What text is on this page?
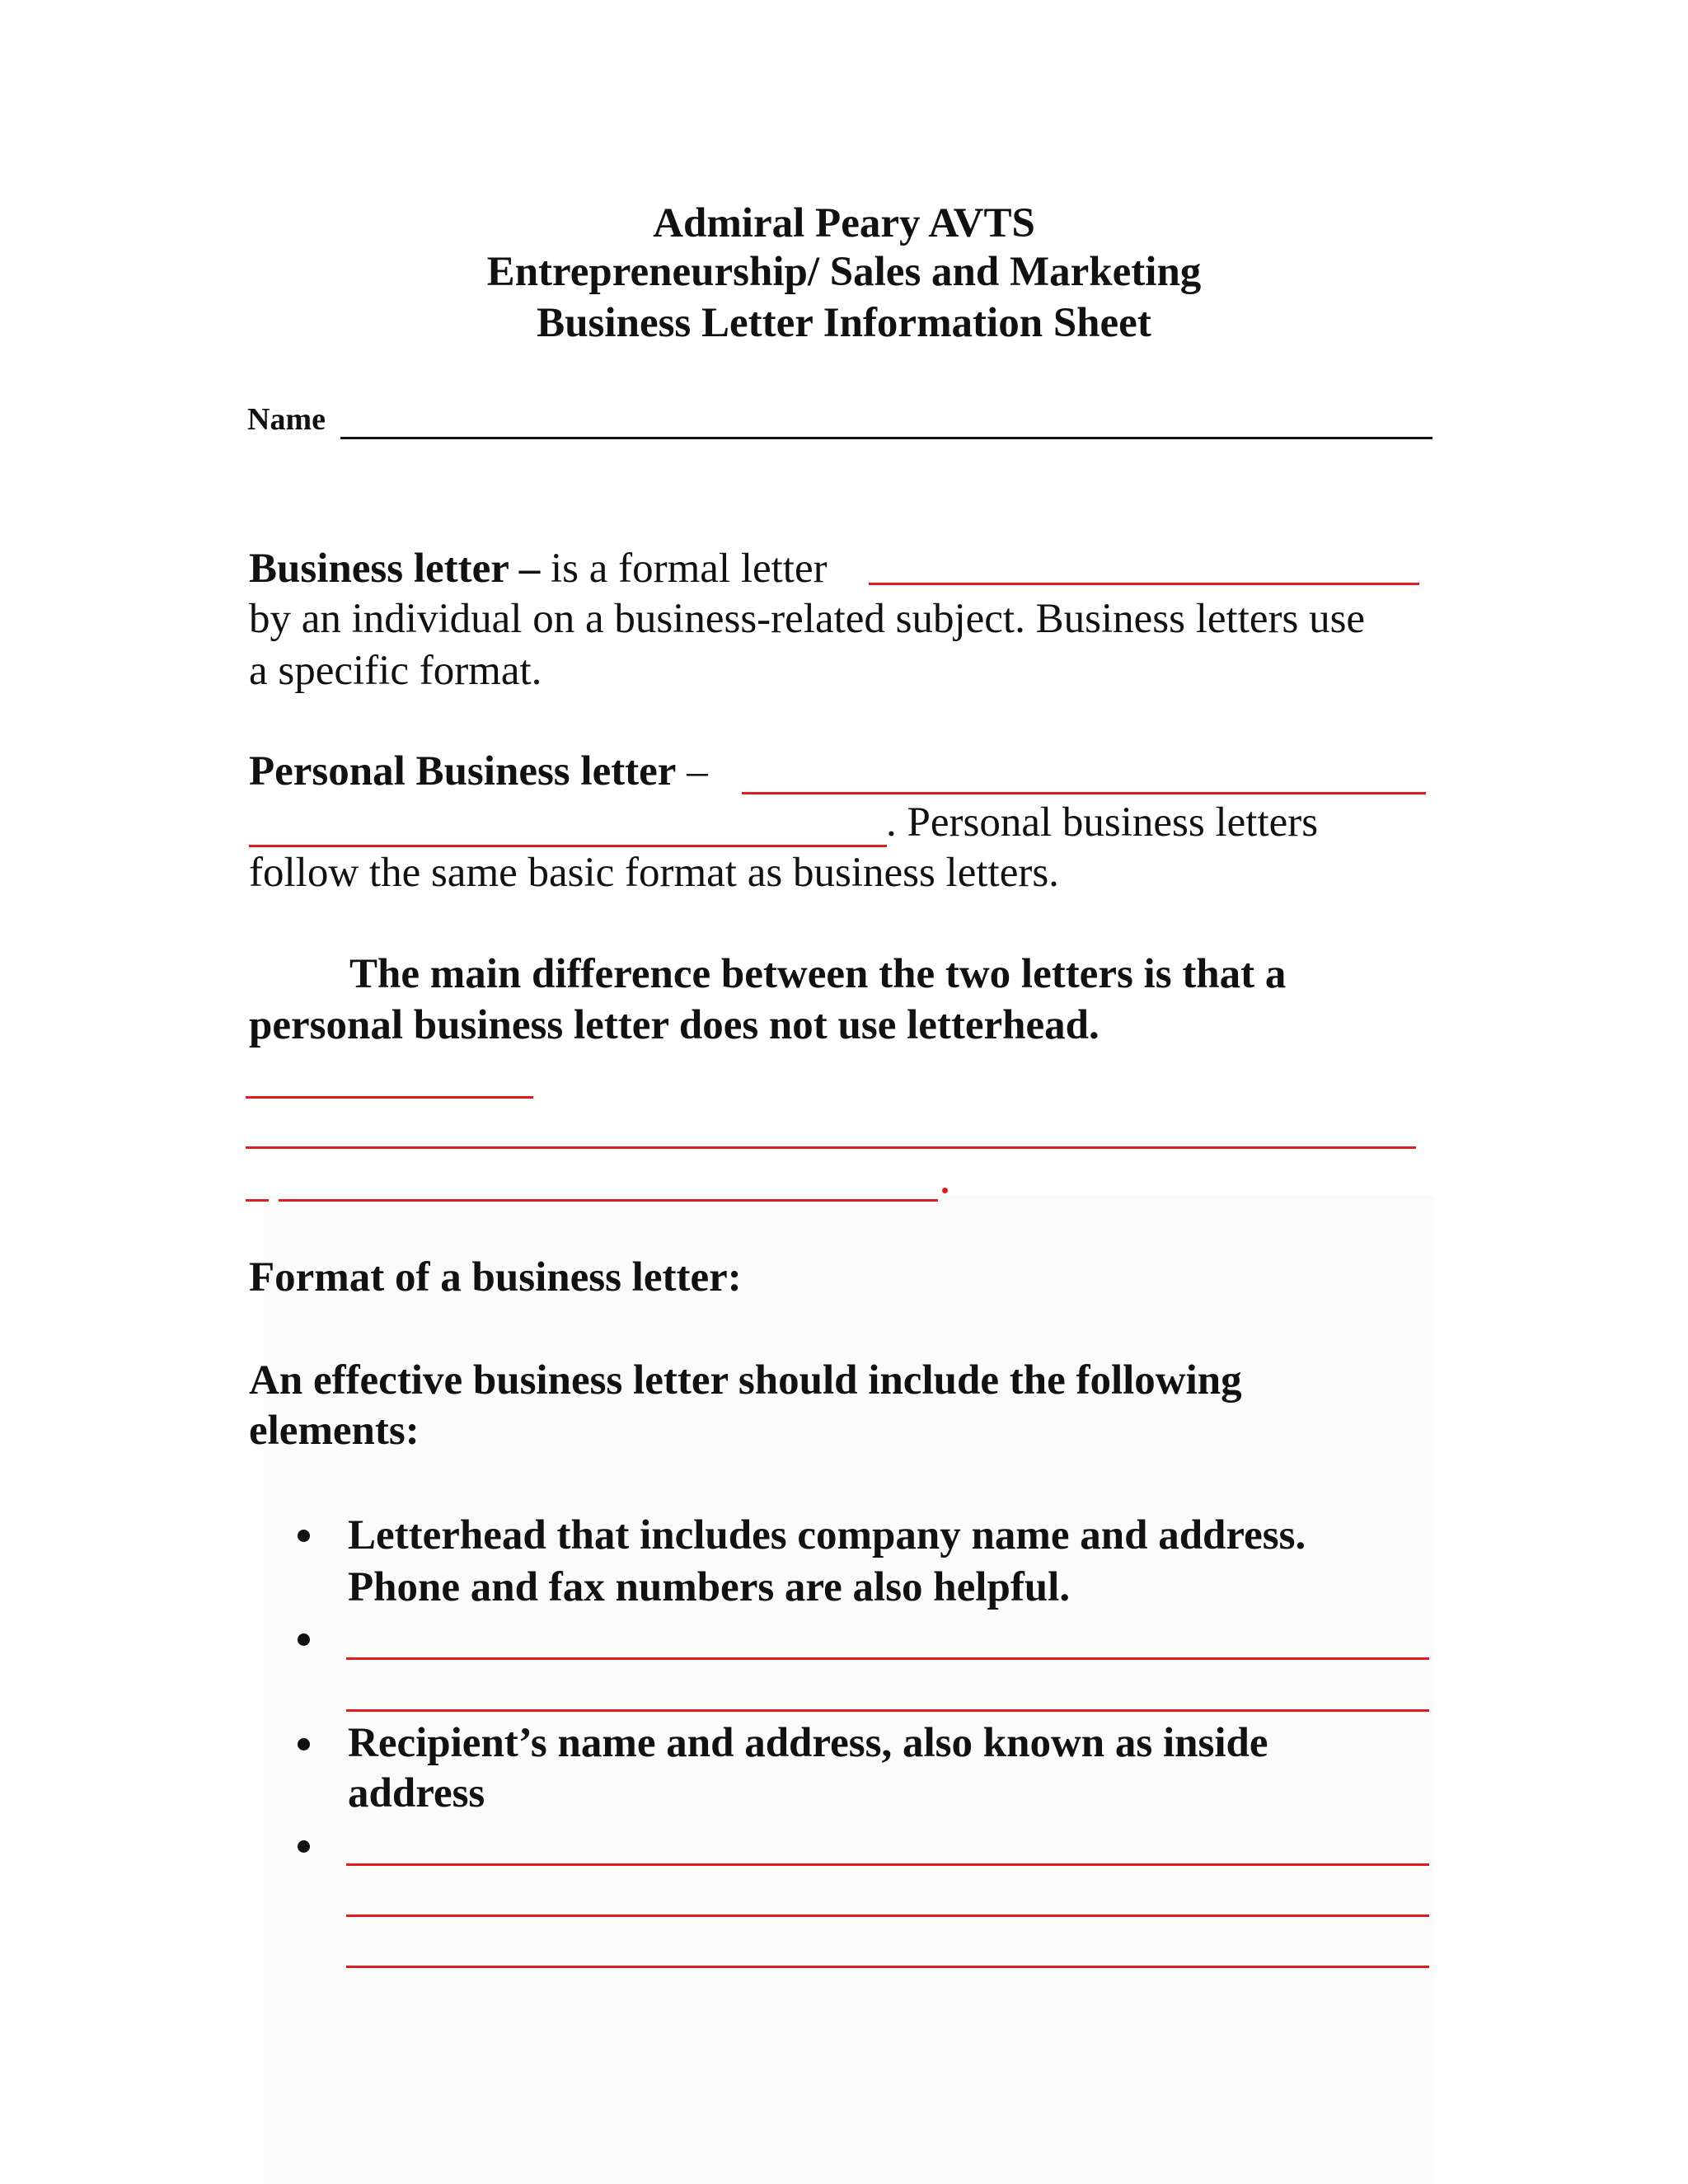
Admiral Peary AVTS
Entrepreneurship/ Sales and Marketing
Business Letter Information Sheet
Name
Business letter – is a formal letter
by an individual on a business-related subject. Business letters use
a specific format.
Personal Business letter –
. Personal business letters
follow the same basic format as business letters.
The main difference between the two letters is that a
personal business letter does not use letterhead.
Format of a business letter:
An effective business letter should include the following
elements:
Letterhead that includes company name and address.
Phone and fax numbers are also helpful.
Recipient’s name and address, also known as inside
address
